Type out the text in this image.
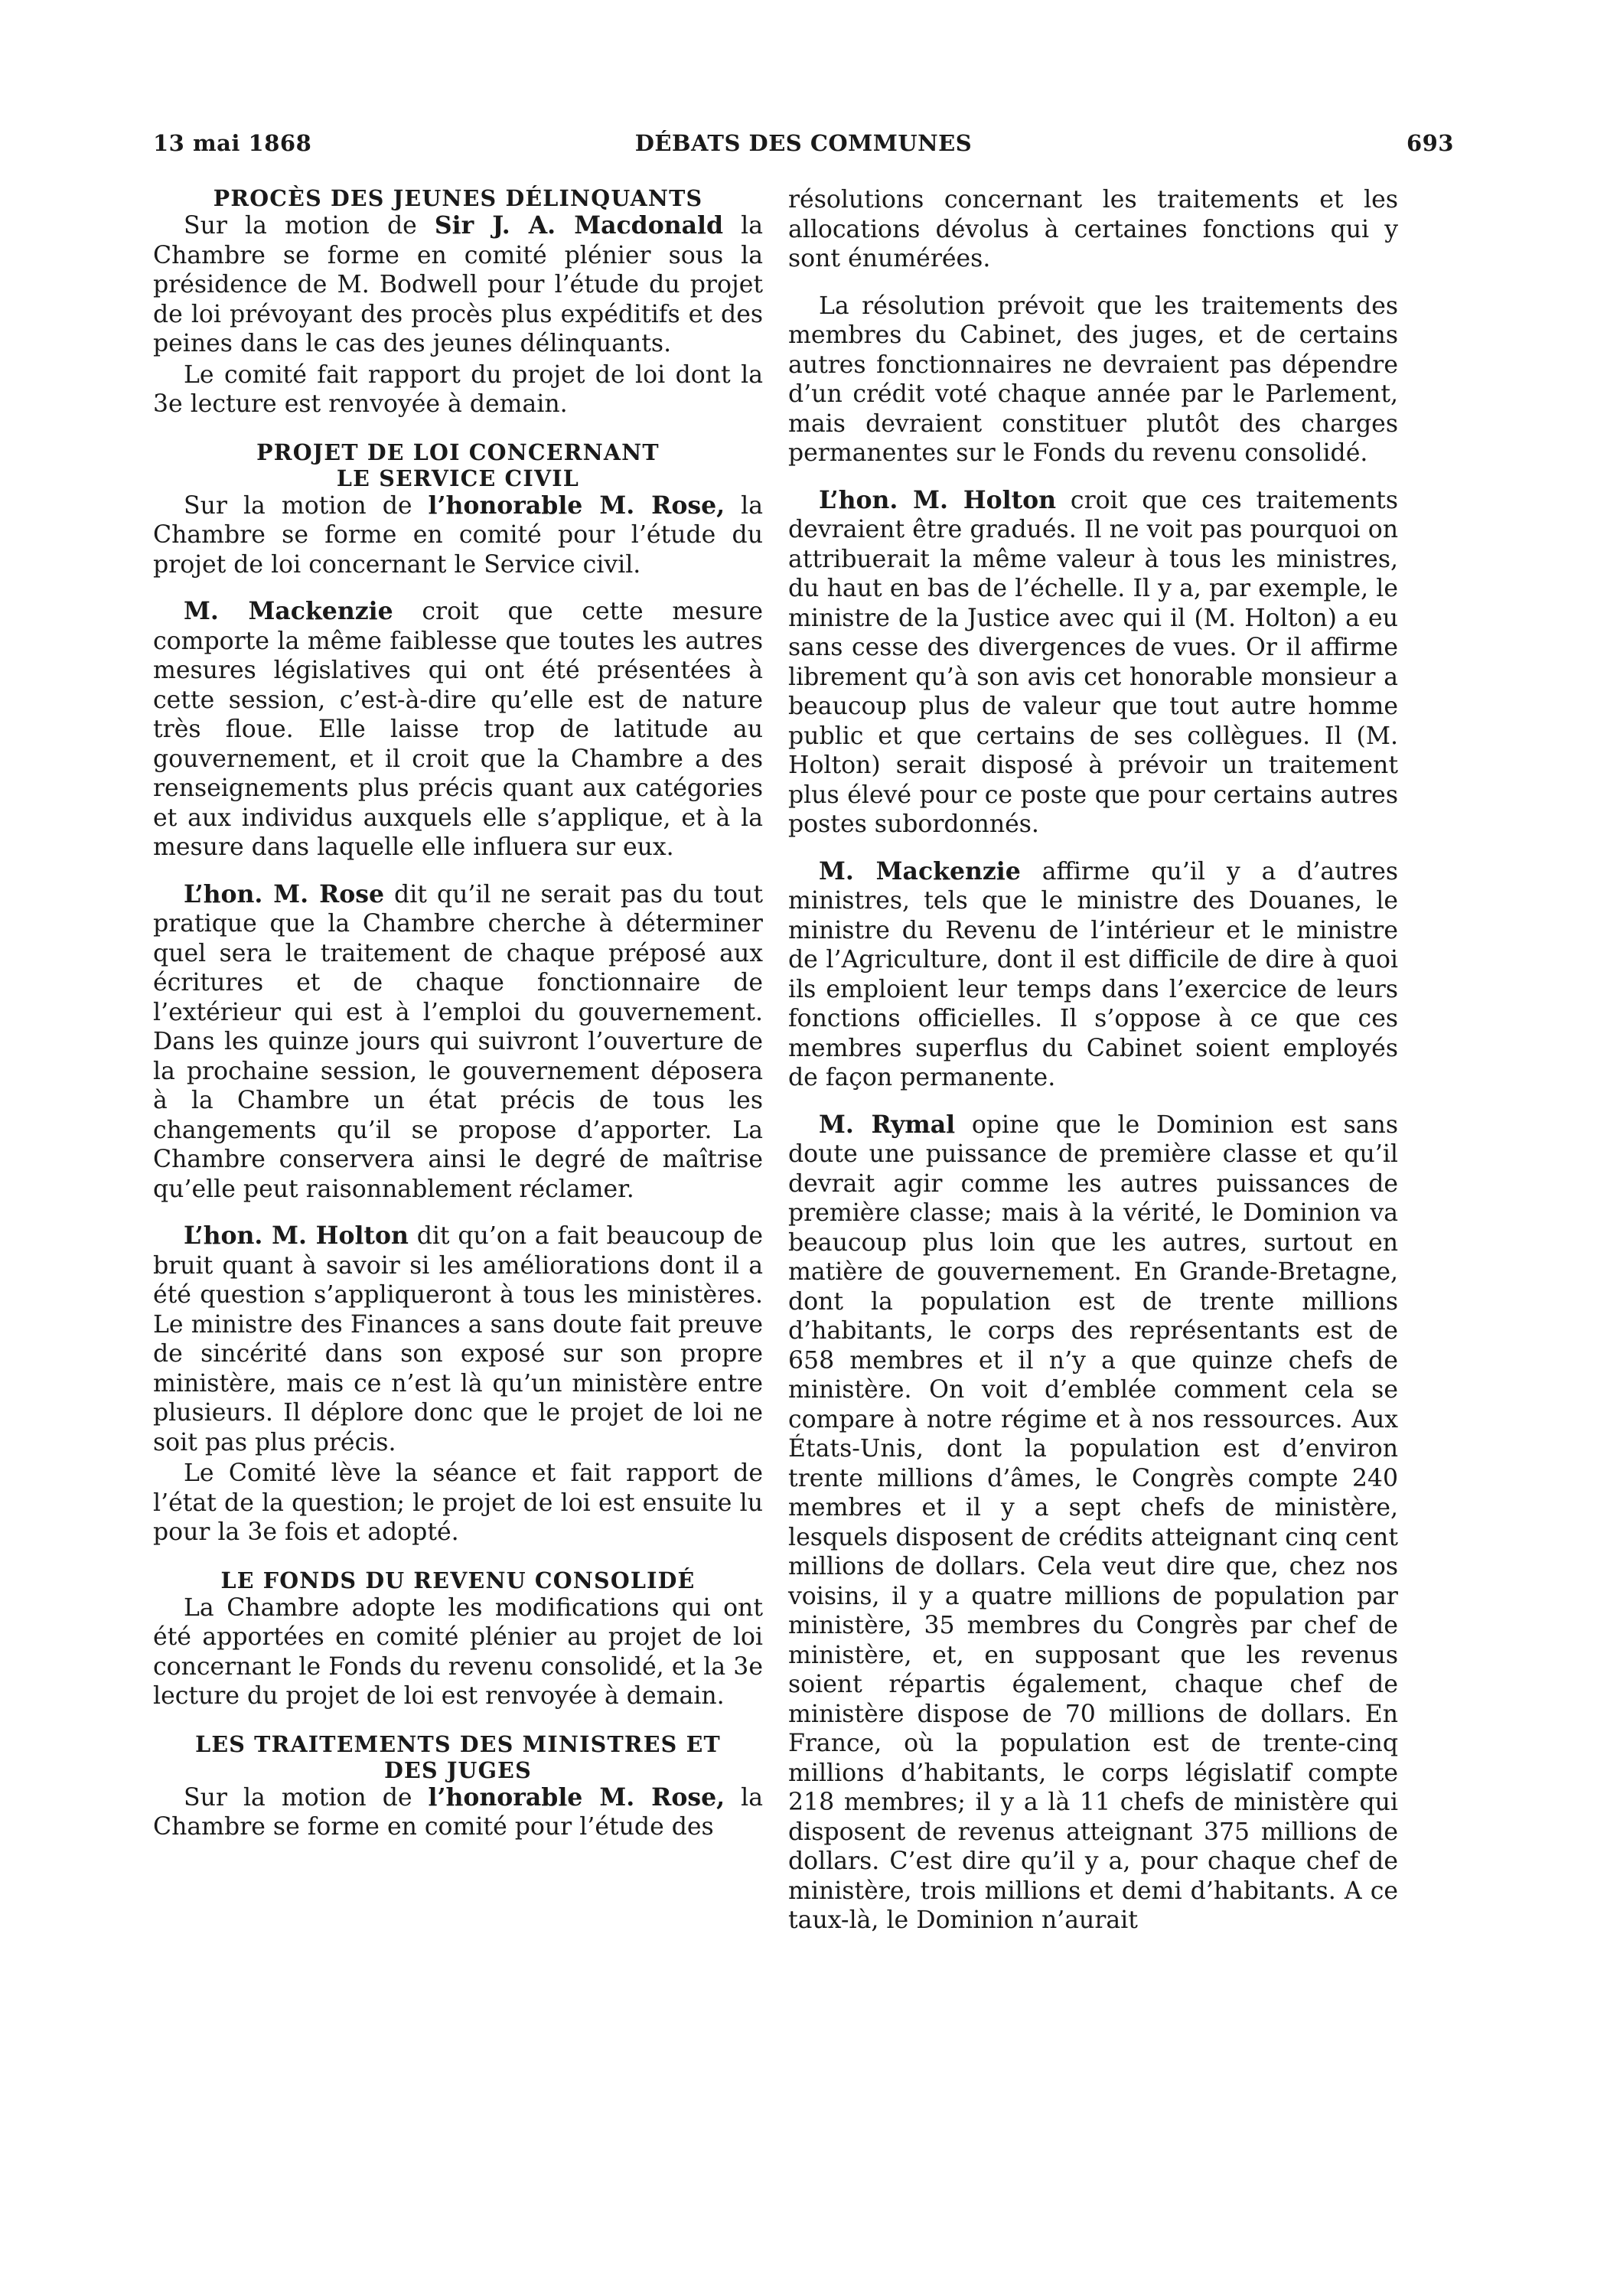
13 mai 1868	DÉBATS DES COMMUNES	693
PROCÈS DES JEUNES DÉLINQUANTS

Sur la motion de Sir J. A. Macdonald la Chambre se forme en comité plénier sous la présidence de M. Bodwell pour l’étude du projet de loi prévoyant des procès plus expéditifs et des peines dans le cas des jeunes délinquants.

Le comité fait rapport du projet de loi dont la 3e lecture est renvoyée à demain.

PROJET DE LOI CONCERNANT
LE SERVICE CIVIL

Sur la motion de l’honorable M. Rose, la Chambre se forme en comité pour l’étude du projet de loi concernant le Service civil.

M. Mackenzie croit que cette mesure comporte la même faiblesse que toutes les autres mesures législatives qui ont été présentées à cette session, c’est-à-dire qu’elle est de nature très floue. Elle laisse trop de latitude au gouvernement, et il croit que la Chambre a des renseignements plus précis quant aux catégories et aux individus auxquels elle s’applique, et à la mesure dans laquelle elle influera sur eux.

L’hon. M. Rose dit qu’il ne serait pas du tout pratique que la Chambre cherche à déterminer quel sera le traitement de chaque préposé aux écritures et de chaque fonctionnaire de l’extérieur qui est à l’emploi du gouvernement. Dans les quinze jours qui suivront l’ouverture de la prochaine session, le gouvernement déposera à la Chambre un état précis de tous les changements qu’il se propose d’apporter. La Chambre conservera ainsi le degré de maîtrise qu’elle peut raisonnablement réclamer.

L’hon. M. Holton dit qu’on a fait beaucoup de bruit quant à savoir si les améliorations dont il a été question s’appliqueront à tous les ministères. Le ministre des Finances a sans doute fait preuve de sincérité dans son exposé sur son propre ministère, mais ce n’est là qu’un ministère entre plusieurs. Il déplore donc que le projet de loi ne soit pas plus précis.

Le Comité lève la séance et fait rapport de l’état de la question; le projet de loi est ensuite lu pour la 3e fois et adopté.

LE FONDS DU REVENU CONSOLIDÉ

La Chambre adopte les modifications qui ont été apportées en comité plénier au projet de loi concernant le Fonds du revenu consolidé, et la 3e lecture du projet de loi est renvoyée à demain.

LES TRAITEMENTS DES MINISTRES ET
DES JUGES

Sur la motion de l’honorable M. Rose, la Chambre se forme en comité pour l’étude des

résolutions concernant les traitements et les allocations dévolus à certaines fonctions qui y sont énumérées.

La résolution prévoit que les traitements des membres du Cabinet, des juges, et de certains autres fonctionnaires ne devraient pas dépendre d’un crédit voté chaque année par le Parlement, mais devraient constituer plutôt des charges permanentes sur le Fonds du revenu consolidé.

L’hon. M. Holton croit que ces traitements devraient être gradués. Il ne voit pas pourquoi on attribuerait la même valeur à tous les ministres, du haut en bas de l’échelle. Il y a, par exemple, le ministre de la Justice avec qui il (M. Holton) a eu sans cesse des divergences de vues. Or il affirme librement qu’à son avis cet honorable monsieur a beaucoup plus de valeur que tout autre homme public et que certains de ses collègues. Il (M. Holton) serait disposé à prévoir un traitement plus élevé pour ce poste que pour certains autres postes subordonnés.

M. Mackenzie affirme qu’il y a d’autres ministres, tels que le ministre des Douanes, le ministre du Revenu de l’intérieur et le ministre de l’Agriculture, dont il est difficile de dire à quoi ils emploient leur temps dans l’exercice de leurs fonctions officielles. Il s’oppose à ce que ces membres superflus du Cabinet soient employés de façon permanente.

M. Rymal opine que le Dominion est sans doute une puissance de première classe et qu’il devrait agir comme les autres puissances de première classe; mais à la vérité, le Dominion va beaucoup plus loin que les autres, surtout en matière de gouvernement. En Grande-Bretagne, dont la population est de trente millions d’habitants, le corps des représentants est de 658 membres et il n’y a que quinze chefs de ministère. On voit d’emblée comment cela se compare à notre régime et à nos ressources. Aux États-Unis, dont la population est d’environ trente millions d’âmes, le Congrès compte 240 membres et il y a sept chefs de ministère, lesquels disposent de crédits atteignant cinq cent millions de dollars. Cela veut dire que, chez nos voisins, il y a quatre millions de population par ministère, 35 membres du Congrès par chef de ministère, et, en supposant que les revenus soient répartis également, chaque chef de ministère dispose de 70 millions de dollars. En France, où la population est de trente-cinq millions d’habitants, le corps législatif compte 218 membres; il y a là 11 chefs de ministère qui disposent de revenus atteignant 375 millions de dollars. C’est dire qu’il y a, pour chaque chef de ministère, trois millions et demi d’habitants. A ce taux-là, le Dominion n’aurait
